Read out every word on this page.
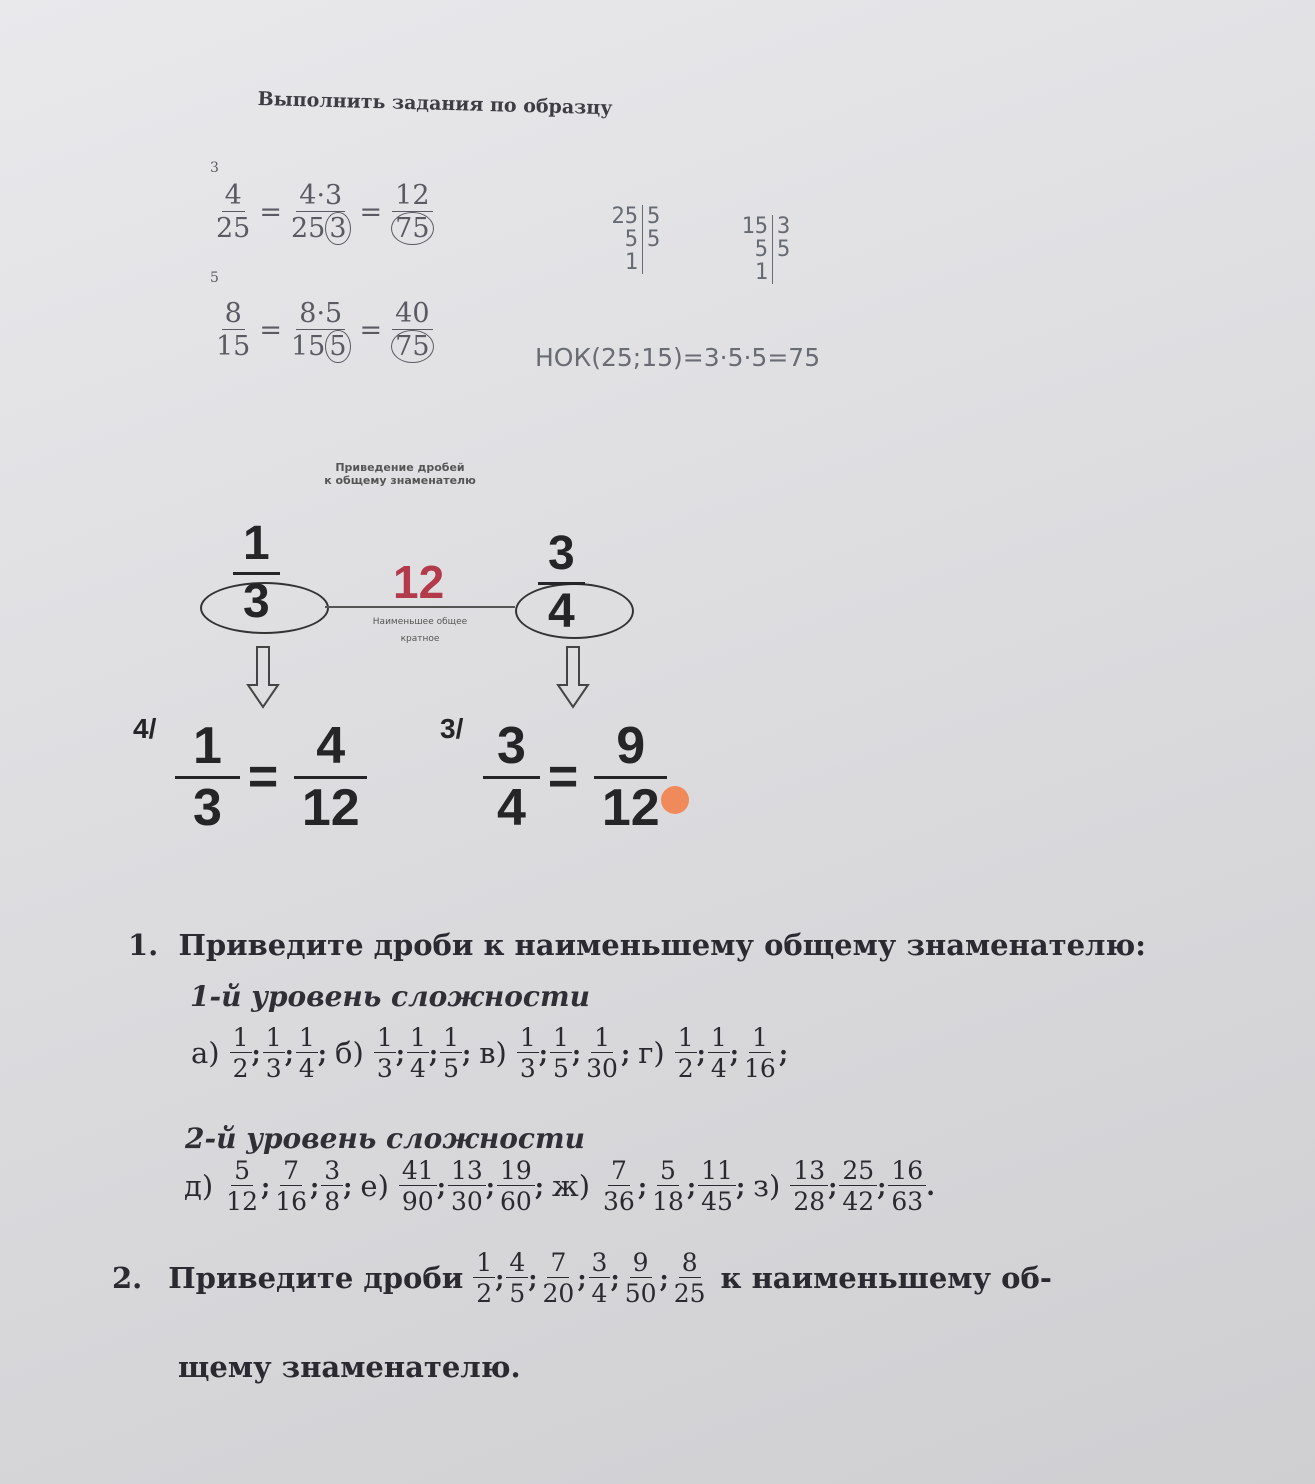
Выполнить задания по образцу
3
$\frac{4}{25} = \frac{4\cdot 3}{25 3} = \frac{12}{75}$
5
$\frac{8}{15} = \frac{8\cdot 5}{15 5} = \frac{40}{75}$
25 5
5 5
1
15 3
5 5
1
НОК(25;15)=3·5·5=75
Приведение дробей
к общему знаменателю
$\frac{1}{3}$	$\frac{3}{4}$
12
Наименьшее общее
кратное
$4/ \frac{1}{3} = \frac{4}{12}$	$3/ \frac{3}{4} = \frac{9}{12}$
1. Приведите дроби к наименьшему общему знаменателю:
1-й уровень сложности
$а) \frac{1}{2}$ ; $\frac{1}{3}$ ; $\frac{1}{4}$ ; $б) \frac{1}{3}$ ; $\frac{1}{4}$ ; $\frac{1}{5}$ ; $в) \frac{1}{3}$ ; $\frac{1}{5}$ ; $\frac{1}{30}$ ; $г) \frac{1}{2}$ ; $\frac{1}{4}$ ; $\frac{1}{16}$ ;
2-й уровень сложности
$д) \frac{5}{12}$ ; $\frac{7}{16}$ ; $\frac{3}{8}$ ; $е) \frac{41}{90}$ ; $\frac{13}{30}$ ; $\frac{19}{60}$ ; $ж) \frac{7}{36}$ ; $\frac{5}{18}$ ; $\frac{11}{45}$ ; $з) \frac{13}{28}$ ; $\frac{25}{42}$ ; $\frac{16}{63}$ .
2. Приведите дроби $\frac{1}{2}$ ; $\frac{4}{5}$ ; $\frac{7}{20}$ ; $\frac{3}{4}$ ; $\frac{9}{50}$ ; $\frac{8}{25}$ к наименьшему об-
щему знаменателю.
